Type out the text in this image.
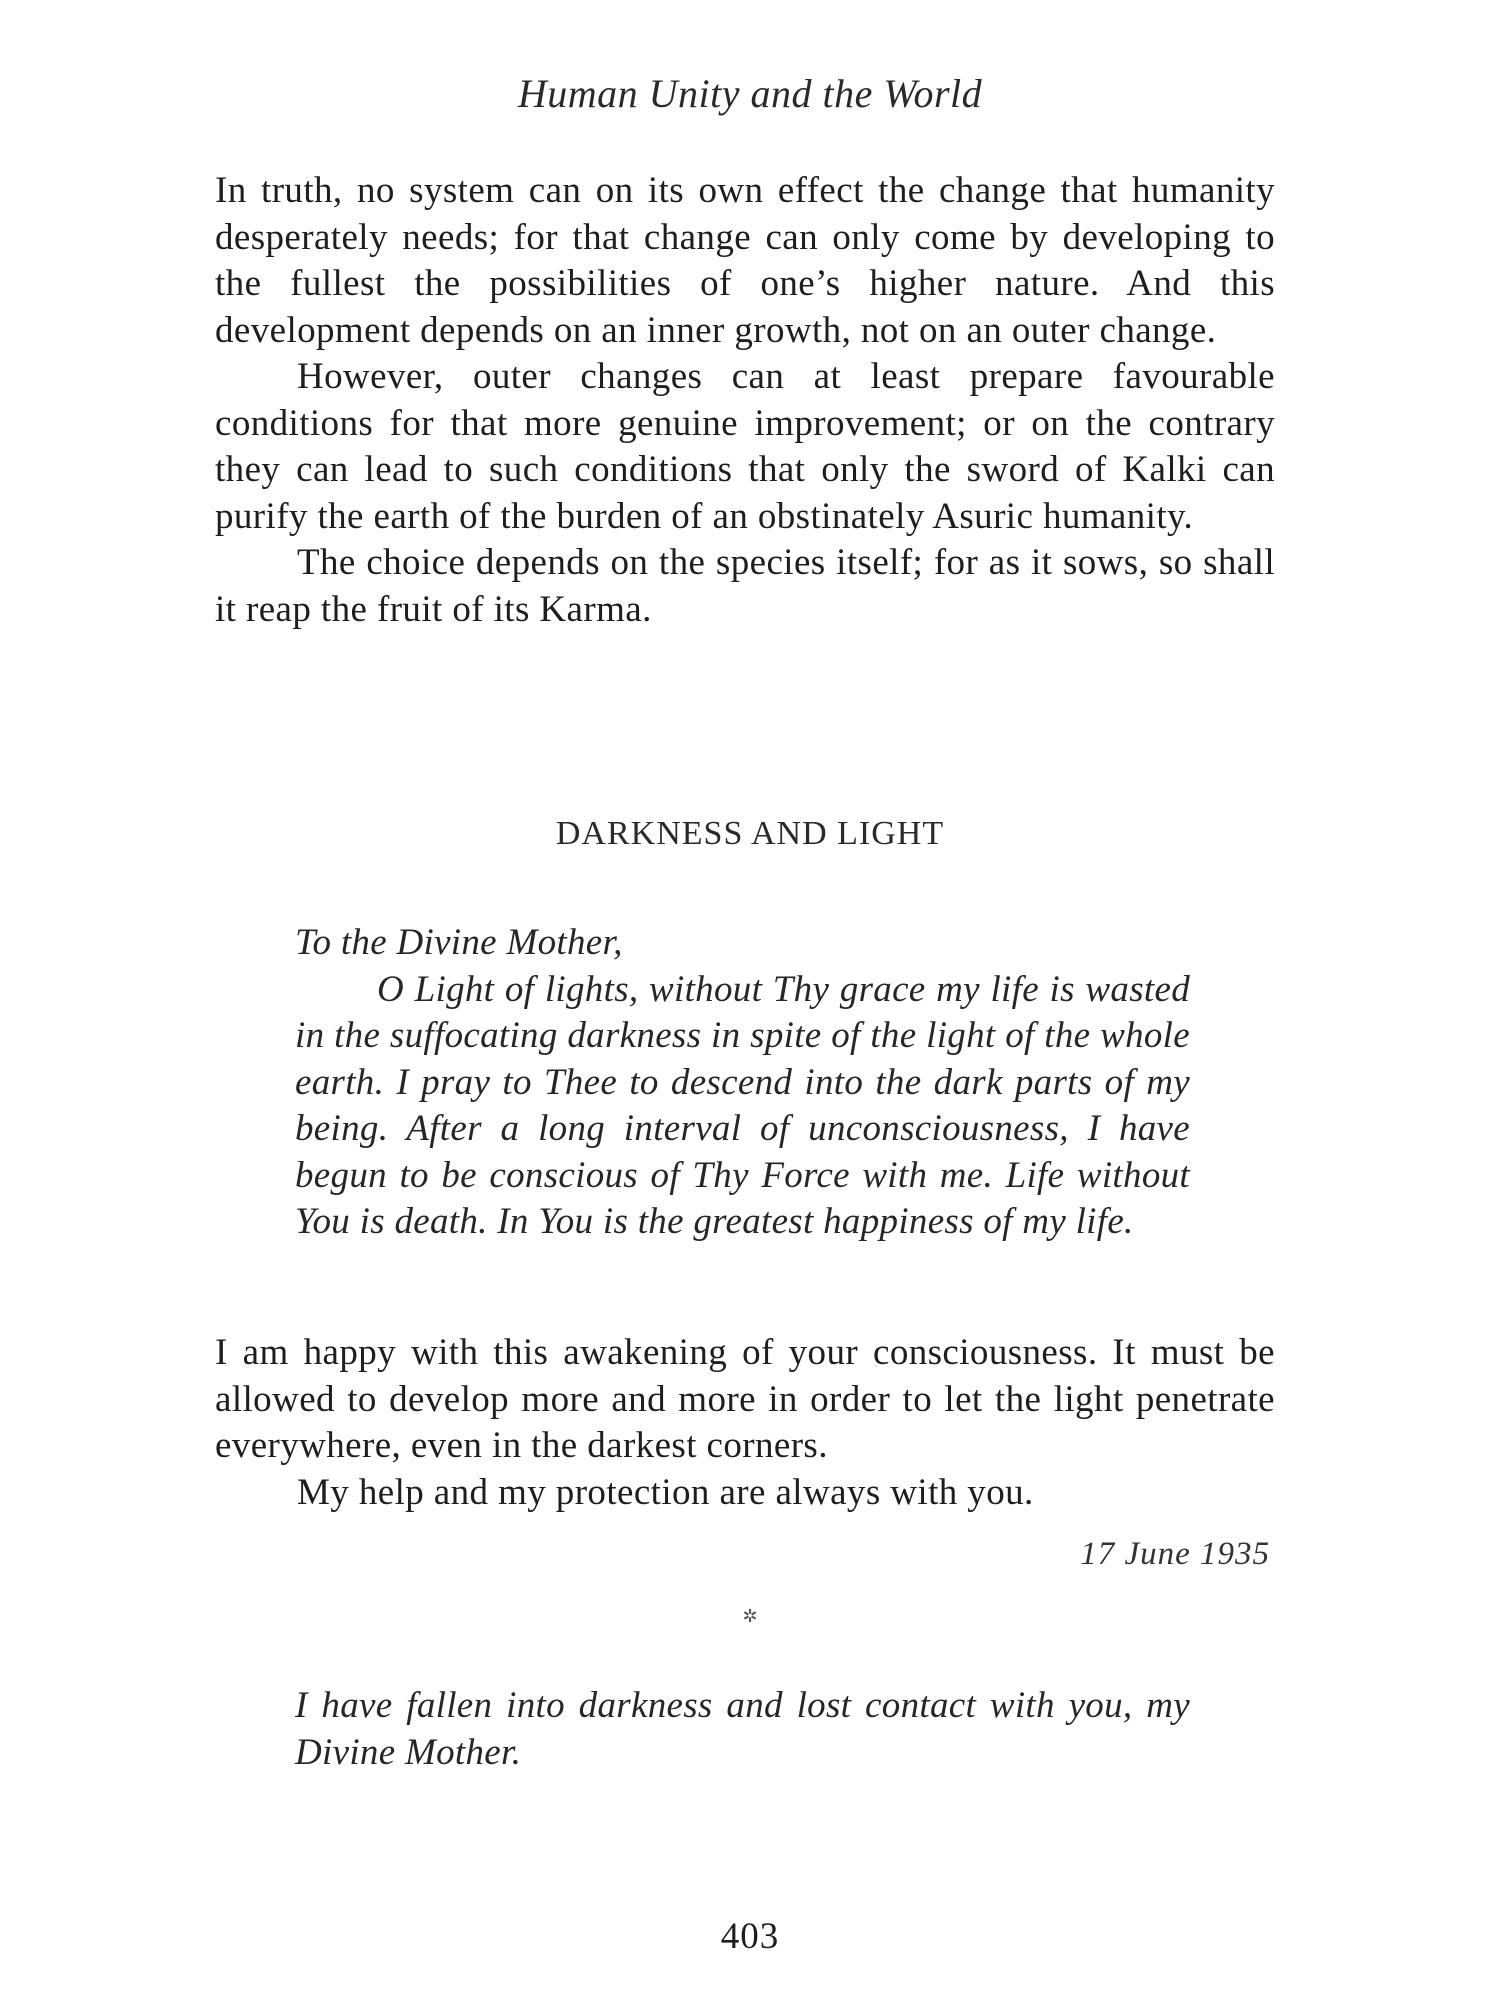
Human Unity and the World

In truth, no system can on its own effect the change that humanity desperately needs; for that change can only come by developing to the fullest the possibilities of one’s higher nature. And this development depends on an inner growth, not on an outer change.

However, outer changes can at least prepare favourable conditions for that more genuine improvement; or on the contrary they can lead to such conditions that only the sword of Kalki can purify the earth of the burden of an obstinately Asuric humanity.

The choice depends on the species itself; for as it sows, so shall it reap the fruit of its Karma.

DARKNESS AND LIGHT

To the Divine Mother,

O Light of lights, without Thy grace my life is wasted in the suffocating darkness in spite of the light of the whole earth. I pray to Thee to descend into the dark parts of my being. After a long interval of unconsciousness, I have begun to be conscious of Thy Force with me. Life without You is death. In You is the greatest happiness of my life.

I am happy with this awakening of your consciousness. It must be allowed to develop more and more in order to let the light penetrate everywhere, even in the darkest corners.

My help and my protection are always with you.

17 June 1935
✲

I have fallen into darkness and lost contact with you, my Divine Mother.

403
